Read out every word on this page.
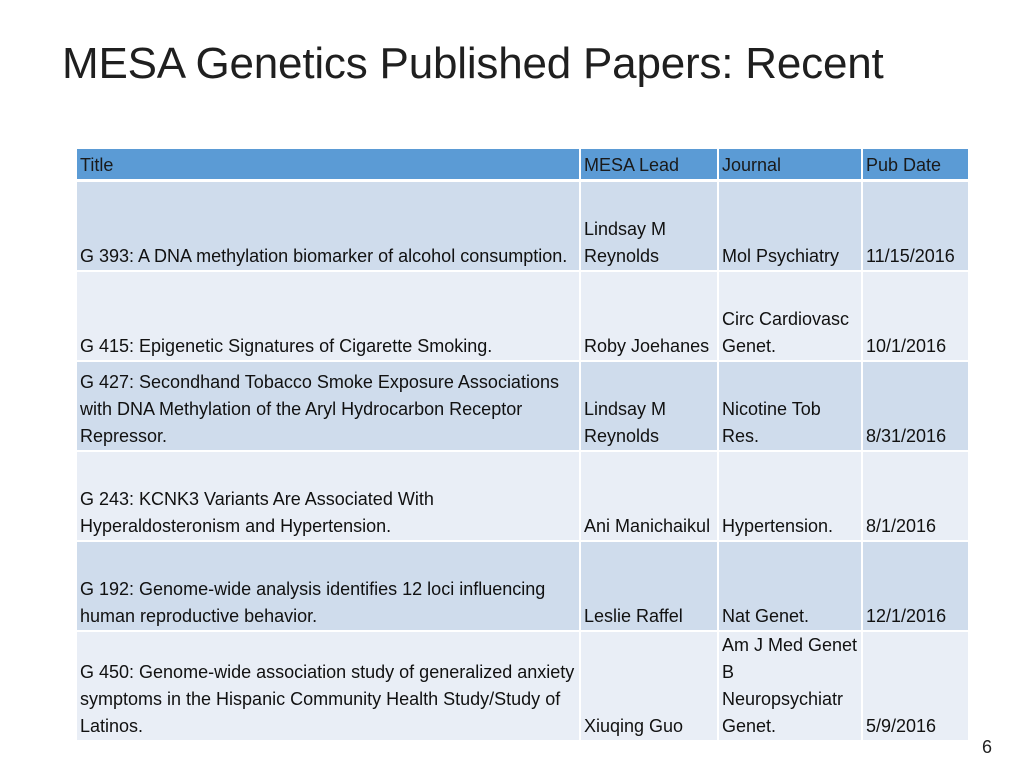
MESA Genetics Published Papers: Recent
Title	MESA Lead	Journal	Pub Date
G 393: A DNA methylation biomarker of alcohol consumption.	Lindsay M Reynolds	Mol Psychiatry	11/15/2016
G 415: Epigenetic Signatures of Cigarette Smoking.	Roby Joehanes	Circ Cardiovasc Genet.	10/1/2016
G 427: Secondhand Tobacco Smoke Exposure Associations with DNA Methylation of the Aryl Hydrocarbon Receptor Repressor.	Lindsay M Reynolds	Nicotine Tob Res.	8/31/2016
G 243: KCNK3 Variants Are Associated With Hyperaldosteronism and Hypertension.	Ani Manichaikul	Hypertension.	8/1/2016
G 192: Genome-wide analysis identifies 12 loci influencing human reproductive behavior.	Leslie Raffel	Nat Genet.	12/1/2016
G 450: Genome-wide association study of generalized anxiety symptoms in the Hispanic Community Health Study/Study of Latinos.	Xiuqing Guo	Am J Med Genet B Neuropsychiatr Genet.	5/9/2016
6
